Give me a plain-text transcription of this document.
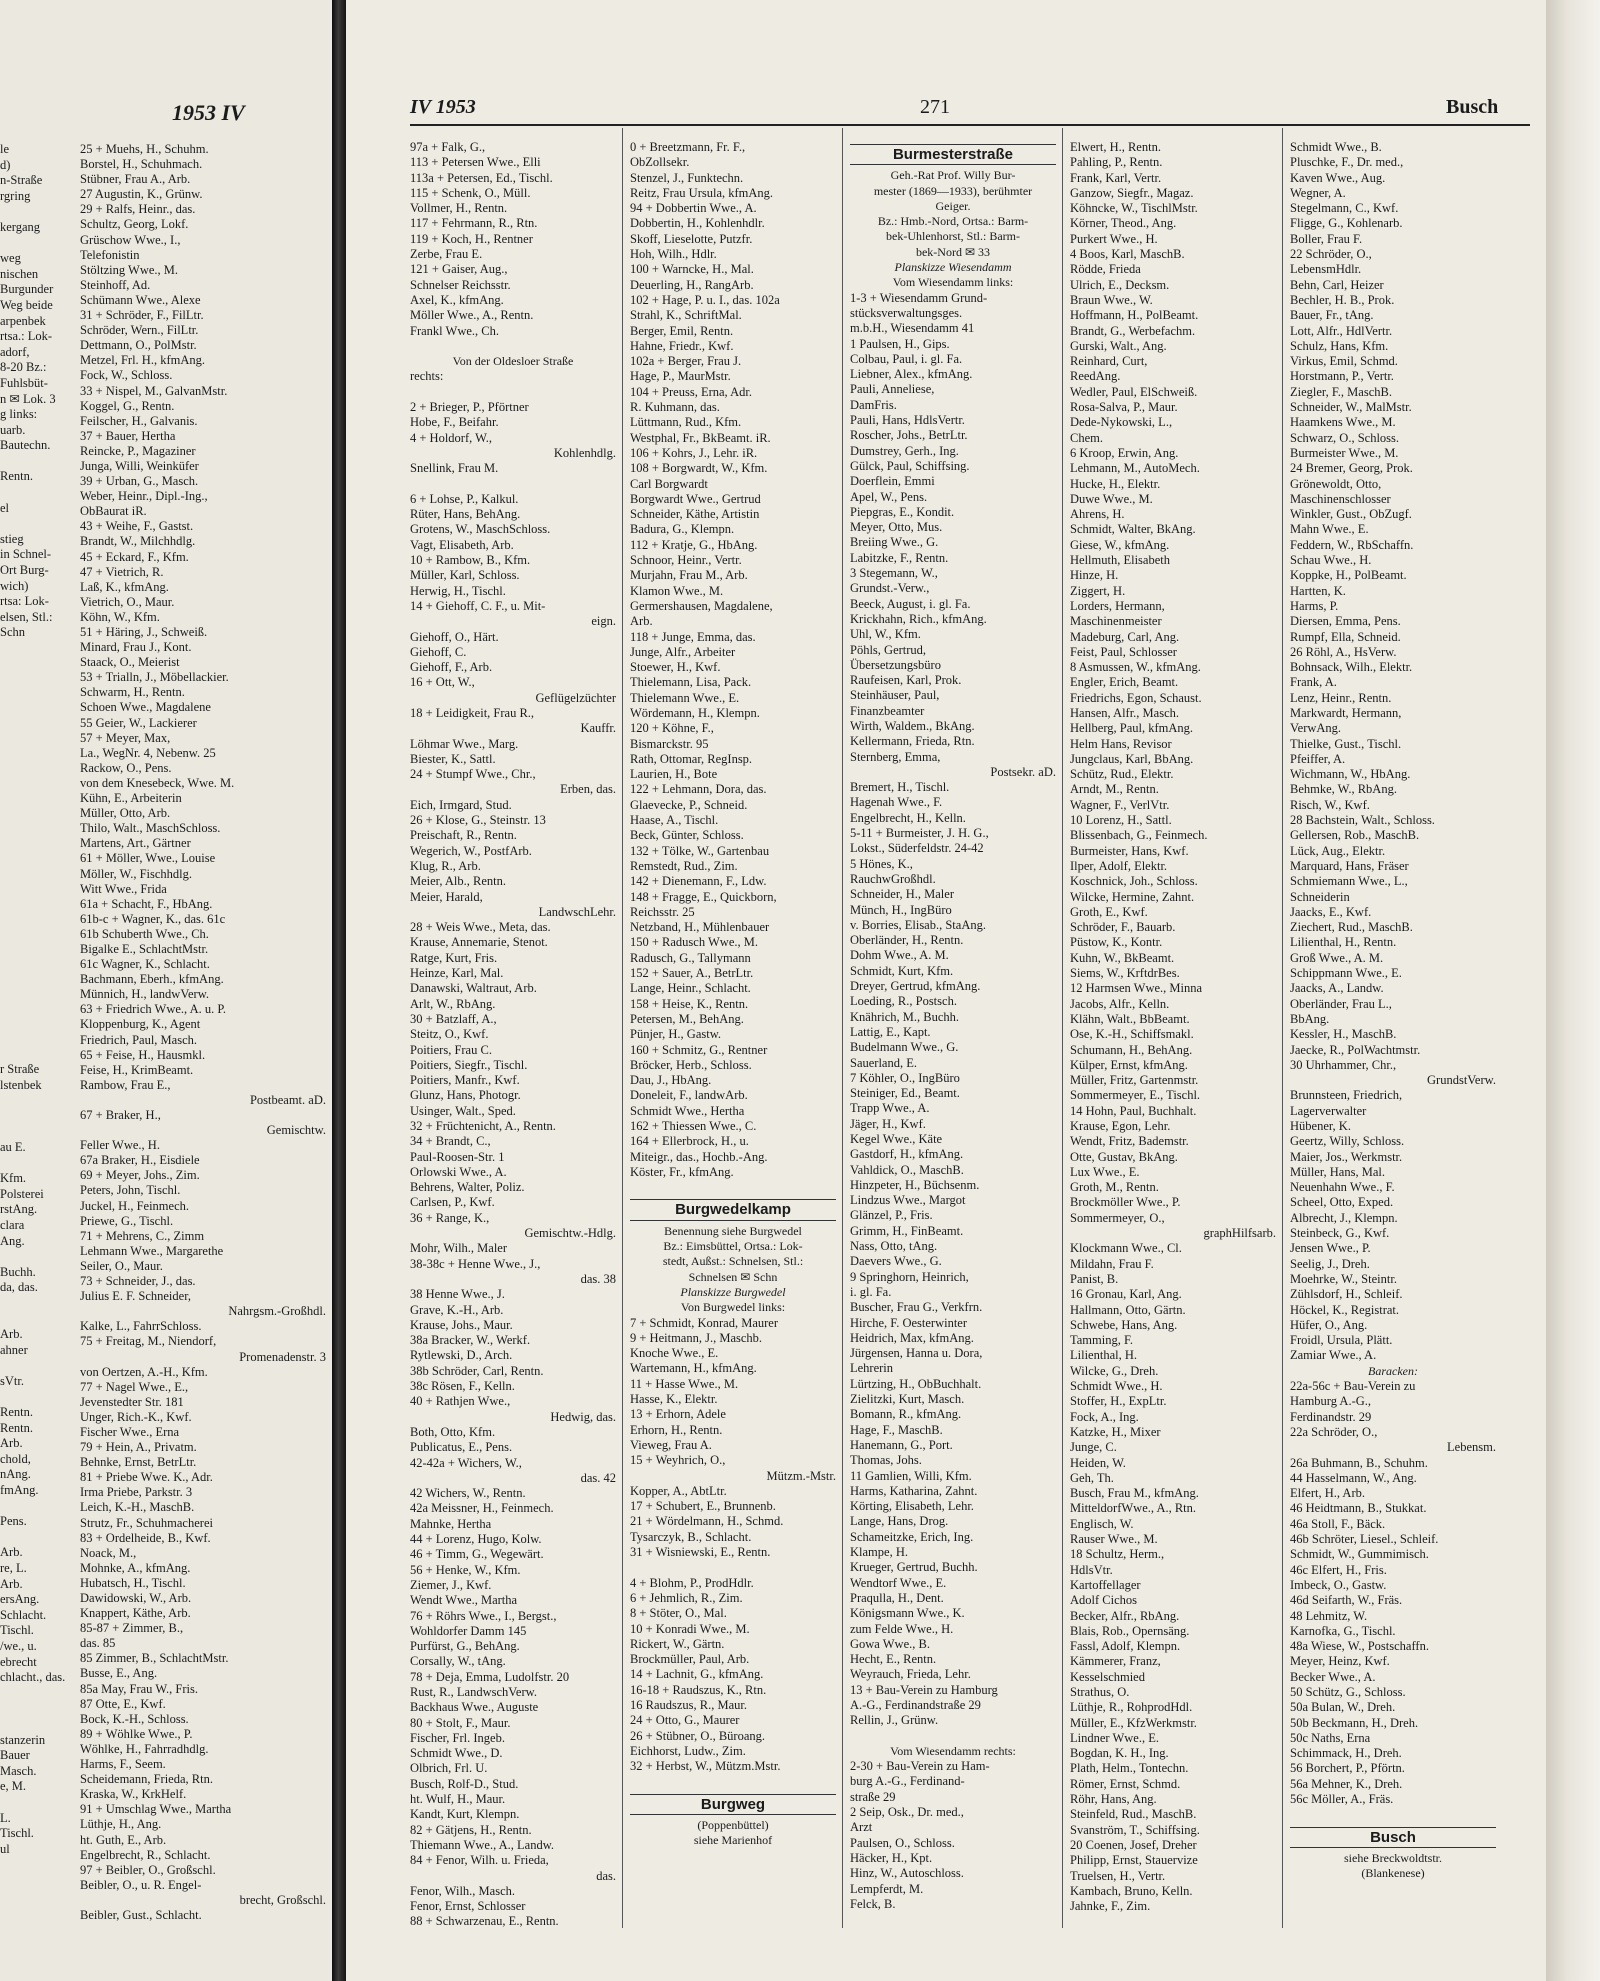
1953 IV
le
d)
n-Straße
rgring

kergang

weg
nischen
Burgunder
Weg beide
arpenbek
rtsa.: Lok-
adorf,
8-20 Bz.:
Fuhlsbüt-
n ✉ Lok. 3
g links:
uarb.
Bautechn.

Rentn.

el

stieg
in Schnel-
Ort Burg-
wich)
rtsa: Lok-
elsen, Stl.:
Schn

r Straße
lstenbek

au E.

Kfm.
Polsterei
rstAng.
clara
Ang.

Buchh.
da, das.

Arb.
ahner

sVtr.

Rentn.
Rentn.
Arb.
chold,
nAng.
fmAng.

Pens.

Arb.
re, L.
Arb.
ersAng.
Schlacht.
Tischl.
/we., u.
ebrecht
chlacht., das.

stanzerin
Bauer
Masch.
e, M.

L.
Tischl.
ul
25 + Muehs, H., Schuhm.
Borstel, H., Schuhmach.
Stübner, Frau A., Arb.
27 Augustin, K., Grünw.
29 + Ralfs, Heinr., das.
Schultz, Georg, Lokf.
Grüschow Wwe., I.,
Telefonistin
Stöltzing Wwe., M.
Steinhoff, Ad.
Schümann Wwe., Alexe
31 + Schröder, F., FilLtr.
Schröder, Wern., FilLtr.
Dettmann, O., PolMstr.
Metzel, Frl. H., kfmAng.
Fock, W., Schloss.
33 + Nispel, M., GalvanMstr.
Koggel, G., Rentn.
Feilscher, H., Galvanis.
37 + Bauer, Hertha
Reincke, P., Magaziner
Junga, Willi, Weinküfer
39 + Urban, G., Masch.
Weber, Heinr., Dipl.-Ing.,
ObBaurat iR.
43 + Weihe, F., Gastst.
Brandt, W., Milchhdlg.
45 + Eckard, F., Kfm.
47 + Vietrich, R.
Laß, K., kfmAng.
Vietrich, O., Maur.
Köhn, W., Kfm.
51 + Häring, J., Schweiß.
Minard, Frau J., Kont.
Staack, O., Meierist
53 + Trialln, J., Möbellackier.
Schwarm, H., Rentn.
Schoen Wwe., Magdalene
55 Geier, W., Lackierer
57 + Meyer, Max,
La., WegNr. 4, Nebenw. 25
Rackow, O., Pens.
von dem Knesebeck, Wwe. M.
Kühn, E., Arbeiterin
Müller, Otto, Arb.
Thilo, Walt., MaschSchloss.
Martens, Art., Gärtner
61 + Möller, Wwe., Louise
Möller, W., Fischhdlg.
Witt Wwe., Frida
61a + Schacht, F., HbAng.
61b-c + Wagner, K., das. 61c
61b Schuberth Wwe., Ch.
Bigalke E., SchlachtMstr.
61c Wagner, K., Schlacht.
Bachmann, Eberh., kfmAng.
Münnich, H., landwVerw.
63 + Friedrich Wwe., A. u. P.
Kloppenburg, K., Agent
Friedrich, Paul, Masch.
65 + Feise, H., Hausmkl.
Feise, H., KrimBeamt.
Rambow, Frau E.,
Postbeamt. aD.
67 + Braker, H.,
Gemischtw.
Feller Wwe., H.
67a Braker, H., Eisdiele
69 + Meyer, Johs., Zim.
Peters, John, Tischl.
Juckel, H., Feinmech.
Priewe, G., Tischl.
71 + Mehrens, C., Zimm
Lehmann Wwe., Margarethe
Seiler, O., Maur.
73 + Schneider, J., das.
Julius E. F. Schneider,
Nahrgsm.-Großhdl.
Kalke, L., FahrrSchloss.
75 + Freitag, M., Niendorf,
Promenadenstr. 3
von Oertzen, A.-H., Kfm.
77 + Nagel Wwe., E.,
Jevenstedter Str. 181
Unger, Rich.-K., Kwf.
Fischer Wwe., Erna
79 + Hein, A., Privatm.
Behnke, Ernst, BetrLtr.
81 + Priebe Wwe. K., Adr.
Irma Priebe, Parkstr. 3
Leich, K.-H., MaschB.
Strutz, Fr., Schuhmacherei
83 + Ordelheide, B., Kwf.
Noack, M.,
Mohnke, A., kfmAng.
Hubatsch, H., Tischl.
Dawidowski, W., Arb.
Knappert, Käthe, Arb.
85-87 + Zimmer, B.,
das. 85
85 Zimmer, B., SchlachtMstr.
Busse, E., Ang.
85a May, Frau W., Fris.
87 Otte, E., Kwf.
Bock, K.-H., Schloss.
89 + Wöhlke Wwe., P.
Wöhlke, H., Fahrradhdlg.
Harms, F., Seem.
Scheidemann, Frieda, Rtn.
Kraska, W., KrkHelf.
91 + Umschlag Wwe., Martha
Lüthje, H., Ang.
ht. Guth, E., Arb.
Engelbrecht, R., Schlacht.
97 + Beibler, O., Großschl.
Beibler, O., u. R. Engel-
brecht, Großschl.
Beibler, Gust., Schlacht.
IV 1953	271	Busch
97a + Falk, G.,
113 + Petersen Wwe., Elli
113a + Petersen, Ed., Tischl.
115 + Schenk, O., Müll.
Vollmer, H., Rentn.
117 + Fehrmann, R., Rtn.
119 + Koch, H., Rentner
Zerbe, Frau E.
121 + Gaiser, Aug.,
Schnelser Reichsstr.
Axel, K., kfmAng.
Möller Wwe., A., Rentn.
Frankl Wwe., Ch.

Von der Oldesloer Straße
rechts:

2 + Brieger, P., Pförtner
Hobe, F., Beifahr.
4 + Holdorf, W.,
Kohlenhdlg.
Snellink, Frau M.

6 + Lohse, P., Kalkul.
Rüter, Hans, BehAng.
Grotens, W., MaschSchloss.
Vagt, Elisabeth, Arb.
10 + Rambow, B., Kfm.
Müller, Karl, Schloss.
Herwig, H., Tischl.
14 + Giehoff, C. F., u. Mit-
eign.
Giehoff, O., Härt.
Giehoff, C.
Giehoff, F., Arb.
16 + Ott, W.,
Geflügelzüchter
18 + Leidigkeit, Frau R.,
Kauffr.
Löhmar Wwe., Marg.
Biester, K., Sattl.
24 + Stumpf Wwe., Chr.,
Erben, das.
Eich, Irmgard, Stud.
26 + Klose, G., Steinstr. 13
Preischaft, R., Rentn.
Wegerich, W., PostfArb.
Klug, R., Arb.
Meier, Alb., Rentn.
Meier, Harald,
LandwschLehr.
28 + Weis Wwe., Meta, das.
Krause, Annemarie, Stenot.
Ratge, Kurt, Fris.
Heinze, Karl, Mal.
Danawski, Waltraut, Arb.
Arlt, W., RbAng.
30 + Batzlaff, A.,
Steitz, O., Kwf.
Poitiers, Frau C.
Poitiers, Siegfr., Tischl.
Poitiers, Manfr., Kwf.
Glunz, Hans, Photogr.
Usinger, Walt., Sped.
32 + Früchtenicht, A., Rentn.
34 + Brandt, C.,
Paul-Roosen-Str. 1
Orlowski Wwe., A.
Behrens, Walter, Poliz.
Carlsen, P., Kwf.
36 + Range, K.,
Gemischtw.-Hdlg.
Mohr, Wilh., Maler
38-38c + Henne Wwe., J.,
das. 38
38 Henne Wwe., J.
Grave, K.-H., Arb.
Krause, Johs., Maur.
38a Bracker, W., Werkf.
Rytlewski, D., Arch.
38b Schröder, Carl, Rentn.
38c Rösen, F., Kelln.
40 + Rathjen Wwe.,
Hedwig, das.
Both, Otto, Kfm.
Publicatus, E., Pens.
42-42a + Wichers, W.,
das. 42
42 Wichers, W., Rentn.
42a Meissner, H., Feinmech.
Mahnke, Hertha
44 + Lorenz, Hugo, Kolw.
46 + Timm, G., Wegewärt.
56 + Henke, W., Kfm.
Ziemer, J., Kwf.
Wendt Wwe., Martha
76 + Röhrs Wwe., I., Bergst.,
Wohldorfer Damm 145
Purfürst, G., BehAng.
Corsally, W., tAng.
78 + Deja, Emma, Ludolfstr. 20
Rust, R., LandwschVerw.
Backhaus Wwe., Auguste
80 + Stolt, F., Maur.
Fischer, Frl. Ingeb.
Schmidt Wwe., D.
Olbrich, Frl. U.
Busch, Rolf-D., Stud.
ht. Wulf, H., Maur.
Kandt, Kurt, Klempn.
82 + Gätjens, H., Rentn.
Thiemann Wwe., A., Landw.
84 + Fenor, Wilh. u. Frieda,
das.
Fenor, Wilh., Masch.
Fenor, Ernst, Schlosser
88 + Schwarzenau, E., Rentn.
0 + Breetzmann, Fr. F.,
ObZollsekr.
Stenzel, J., Funktechn.
Reitz, Frau Ursula, kfmAng.
94 + Dobbertin Wwe., A.
Dobbertin, H., Kohlenhdlr.
Skoff, Lieselotte, Putzfr.
Hoh, Wilh., Hdlr.
100 + Warncke, H., Mal.
Deuerling, H., RangArb.
102 + Hage, P. u. I., das. 102a
Strahl, K., SchriftMal.
Berger, Emil, Rentn.
Hahne, Friedr., Kwf.
102a + Berger, Frau J.
Hage, P., MaurMstr.
104 + Preuss, Erna, Adr.
R. Kuhmann, das.
Lüttmann, Rud., Kfm.
Westphal, Fr., BkBeamt. iR.
106 + Kohrs, J., Lehr. iR.
108 + Borgwardt, W., Kfm.
Carl Borgwardt
Borgwardt Wwe., Gertrud
Schneider, Käthe, Artistin
Badura, G., Klempn.
112 + Kratje, G., HbAng.
Schnoor, Heinr., Vertr.
Murjahn, Frau M., Arb.
Klamon Wwe., M.
Germershausen, Magdalene,
Arb.
118 + Junge, Emma, das.
Junge, Alfr., Arbeiter
Stoewer, H., Kwf.
Thielemann, Lisa, Pack.
Thielemann Wwe., E.
Wördemann, H., Klempn.
120 + Köhne, F.,
Bismarckstr. 95
Rath, Ottomar, RegInsp.
Laurien, H., Bote
122 + Lehmann, Dora, das.
Glaevecke, P., Schneid.
Haase, A., Tischl.
Beck, Günter, Schloss.
132 + Tölke, W., Gartenbau
Remstedt, Rud., Zim.
142 + Dienemann, F., Ldw.
148 + Fragge, E., Quickborn,
Reichsstr. 25
Netzband, H., Mühlenbauer
150 + Radusch Wwe., M.
Radusch, G., Tallymann
152 + Sauer, A., BetrLtr.
Lange, Heinr., Schlacht.
158 + Heise, K., Rentn.
Petersen, M., BehAng.
Pünjer, H., Gastw.
160 + Schmitz, G., Rentner
Bröcker, Herb., Schloss.
Dau, J., HbAng.
Doneleit, F., landwArb.
Schmidt Wwe., Hertha
162 + Thiessen Wwe., C.
164 + Ellerbrock, H., u.
Miteigr., das., Hochb.-Ang.
Köster, Fr., kfmAng.

Burgwedelkamp
Benennung siehe Burgwedel
Bz.: Eimsbüttel, Ortsa.: Lok-
stedt, Außst.: Schnelsen, Stl.:
Schnelsen ✉ Schn
Planskizze Burgwedel
Von Burgwedel links:
7 + Schmidt, Konrad, Maurer
9 + Heitmann, J., Maschb.
Knoche Wwe., E.
Wartemann, H., kfmAng.
11 + Hasse Wwe., M.
Hasse, K., Elektr.
13 + Erhorn, Adele
Erhorn, H., Rentn.
Vieweg, Frau A.
15 + Weyhrich, O.,
Mützm.-Mstr.
Kopper, A., AbtLtr.
17 + Schubert, E., Brunnenb.
21 + Wördelmann, H., Schmd.
Tysarczyk, B., Schlacht.
31 + Wisniewski, E., Rentn.

4 + Blohm, P., ProdHdlr.
6 + Jehmlich, R., Zim.
8 + Stöter, O., Mal.
10 + Konradi Wwe., M.
Rickert, W., Gärtn.
Brockmüller, Paul, Arb.
14 + Lachnit, G., kfmAng.
16-18 + Raudszus, K., Rtn.
16 Raudszus, R., Maur.
24 + Otto, G., Maurer
26 + Stübner, O., Büroang.
Eichhorst, Ludw., Zim.
32 + Herbst, W., Mützm.Mstr.

Burgweg
(Poppenbüttel)
siehe Marienhof
Burmesterstraße
Geh.-Rat Prof. Willy Bur-
mester (1869—1933), berühmter
Geiger.
Bz.: Hmb.-Nord, Ortsa.: Barm-
bek-Uhlenhorst, Stl.: Barm-
bek-Nord ✉ 33
Planskizze Wiesendamm
Vom Wiesendamm links:
1-3 + Wiesendamm Grund-
stücksverwaltungsges.
m.b.H., Wiesendamm 41
1 Paulsen, H., Gips.
Colbau, Paul, i. gl. Fa.
Liebner, Alex., kfmAng.
Pauli, Anneliese,
DamFris.
Pauli, Hans, HdlsVertr.
Roscher, Johs., BetrLtr.
Dumstrey, Gerh., Ing.
Gülck, Paul, Schiffsing.
Doerflein, Emmi
Apel, W., Pens.
Piepgras, E., Kondit.
Meyer, Otto, Mus.
Breiing Wwe., G.
Labitzke, F., Rentn.
3 Stegemann, W.,
Grundst.-Verw.,
Beeck, August, i. gl. Fa.
Krickhahn, Rich., kfmAng.
Uhl, W., Kfm.
Pöhls, Gertrud,
Übersetzungsbüro
Raufeisen, Karl, Prok.
Steinhäuser, Paul,
Finanzbeamter
Wirth, Waldem., BkAng.
Kellermann, Frieda, Rtn.
Sternberg, Emma,
Postsekr. aD.
Bremert, H., Tischl.
Hagenah Wwe., F.
Engelbrecht, H., Kelln.
5-11 + Burmeister, J. H. G.,
Lokst., Süderfeldstr. 24-42
5 Hönes, K.,
RauchwGroßhdl.
Schneider, H., Maler
Münch, H., IngBüro
v. Borries, Elisab., StaAng.
Oberländer, H., Rentn.
Dohm Wwe., A. M.
Schmidt, Kurt, Kfm.
Dreyer, Gertrud, kfmAng.
Loeding, R., Postsch.
Knährich, M., Buchh.
Lattig, E., Kapt.
Budelmann Wwe., G.
Sauerland, E.
7 Köhler, O., IngBüro
Steiniger, Ed., Beamt.
Trapp Wwe., A.
Jäger, H., Kwf.
Kegel Wwe., Käte
Gastdorf, H., kfmAng.
Vahldick, O., MaschB.
Hinzpeter, H., Büchsenm.
Lindzus Wwe., Margot
Glänzel, P., Fris.
Grimm, H., FinBeamt.
Nass, Otto, tAng.
Daevers Wwe., G.
9 Springhorn, Heinrich,
i. gl. Fa.
Buscher, Frau G., Verkfrn.
Hirche, F. Oesterwinter
Heidrich, Max, kfmAng.
Jürgensen, Hanna u. Dora,
Lehrerin
Lürtzing, H., ObBuchhalt.
Zielitzki, Kurt, Masch.
Bomann, R., kfmAng.
Hage, F., MaschB.
Hanemann, G., Port.
Thomas, Johs.
11 Gamlien, Willi, Kfm.
Harms, Katharina, Zahnt.
Körting, Elisabeth, Lehr.
Lange, Hans, Drog.
Schameitzke, Erich, Ing.
Klampe, H.
Krueger, Gertrud, Buchh.
Wendtorf Wwe., E.
Praqulla, H., Dent.
Königsmann Wwe., K.
zum Felde Wwe., H.
Gowa Wwe., B.
Hecht, E., Rentn.
Weyrauch, Frieda, Lehr.
13 + Bau-Verein zu Hamburg
A.-G., Ferdinandstraße 29
Rellin, J., Grünw.

Vom Wiesendamm rechts:
2-30 + Bau-Verein zu Ham-
burg A.-G., Ferdinand-
straße 29
2 Seip, Osk., Dr. med.,
Arzt
Paulsen, O., Schloss.
Häcker, H., Kpt.
Hinz, W., Autoschloss.
Lempferdt, M.
Felck, B.
Elwert, H., Rentn.
Pahling, P., Rentn.
Frank, Karl, Vertr.
Ganzow, Siegfr., Magaz.
Köhncke, W., TischlMstr.
Körner, Theod., Ang.
Purkert Wwe., H.
4 Boos, Karl, MaschB.
Rödde, Frieda
Ulrich, E., Decksm.
Braun Wwe., W.
Hoffmann, H., PolBeamt.
Brandt, G., Werbefachm.
Gurski, Walt., Ang.
Reinhard, Curt,
ReedAng.
Wedler, Paul, ElSchweiß.
Rosa-Salva, P., Maur.
Dede-Nykowski, L.,
Chem.
6 Kroop, Erwin, Ang.
Lehmann, M., AutoMech.
Hucke, H., Elektr.
Duwe Wwe., M.
Ahrens, H.
Schmidt, Walter, BkAng.
Giese, W., kfmAng.
Hellmuth, Elisabeth
Hinze, H.
Ziggert, H.
Lorders, Hermann,
Maschinenmeister
Madeburg, Carl, Ang.
Feist, Paul, Schlosser
8 Asmussen, W., kfmAng.
Engler, Erich, Beamt.
Friedrichs, Egon, Schaust.
Hansen, Alfr., Masch.
Hellberg, Paul, kfmAng.
Helm Hans, Revisor
Jungclaus, Karl, BbAng.
Schütz, Rud., Elektr.
Arndt, M., Rentn.
Wagner, F., VerlVtr.
10 Lorenz, H., Sattl.
Blissenbach, G., Feinmech.
Burmeister, Hans, Kwf.
Ilper, Adolf, Elektr.
Koschnick, Joh., Schloss.
Wilcke, Hermine, Zahnt.
Groth, E., Kwf.
Schröder, F., Bauarb.
Püstow, K., Kontr.
Kuhn, W., BkBeamt.
Siems, W., KrftdrBes.
12 Harmsen Wwe., Minna
Jacobs, Alfr., Kelln.
Klähn, Walt., BbBeamt.
Ose, K.-H., Schiffsmakl.
Schumann, H., BehAng.
Külper, Ernst, kfmAng.
Müller, Fritz, Gartenmstr.
Sommermeyer, E., Tischl.
14 Hohn, Paul, Buchhalt.
Krause, Egon, Lehr.
Wendt, Fritz, Bademstr.
Otte, Gustav, BkAng.
Lux Wwe., E.
Groth, M., Rentn.
Brockmöller Wwe., P.
Sommermeyer, O.,
graphHilfsarb.
Klockmann Wwe., Cl.
Mildahn, Frau F.
Panist, B.
16 Gronau, Karl, Ang.
Hallmann, Otto, Gärtn.
Schwebe, Hans, Ang.
Tamming, F.
Lilienthal, H.
Wilcke, G., Dreh.
Schmidt Wwe., H.
Stoffer, H., ExpLtr.
Fock, A., Ing.
Katzke, H., Mixer
Junge, C.
Heiden, W.
Geh, Th.
Busch, Frau M., kfmAng.
MitteldorfWwe., A., Rtn.
Englisch, W.
Rauser Wwe., M.
18 Schultz, Herm.,
HdlsVtr.
Kartoffellager
Adolf Cichos
Becker, Alfr., RbAng.
Blais, Rob., Opernsäng.
Fassl, Adolf, Klempn.
Kämmerer, Franz,
Kesselschmied
Strathus, O.
Lüthje, R., RohprodHdl.
Müller, E., KfzWerkmstr.
Lindner Wwe., E.
Bogdan, K. H., Ing.
Plath, Helm., Tontechn.
Römer, Ernst, Schmd.
Röhr, Hans, Ang.
Steinfeld, Rud., MaschB.
Svanström, T., Schiffsing.
20 Coenen, Josef, Dreher
Philipp, Ernst, Stauervize
Truelsen, H., Vertr.
Kambach, Bruno, Kelln.
Jahnke, F., Zim.
Schmidt Wwe., B.
Pluschke, F., Dr. med.,
Kaven Wwe., Aug.
Wegner, A.
Stegelmann, C., Kwf.
Fligge, G., Kohlenarb.
Boller, Frau F.
22 Schröder, O.,
LebensmHdlr.
Behn, Carl, Heizer
Bechler, H. B., Prok.
Bauer, Fr., tAng.
Lott, Alfr., HdlVertr.
Schulz, Hans, Kfm.
Virkus, Emil, Schmd.
Horstmann, P., Vertr.
Ziegler, F., MaschB.
Schneider, W., MalMstr.
Haamkens Wwe., M.
Schwarz, O., Schloss.
Burmeister Wwe., M.
24 Bremer, Georg, Prok.
Grönewoldt, Otto,
Maschinenschlosser
Winkler, Gust., ObZugf.
Mahn Wwe., E.
Feddern, W., RbSchaffn.
Schau Wwe., H.
Koppke, H., PolBeamt.
Hartten, K.
Harms, P.
Diersen, Emma, Pens.
Rumpf, Ella, Schneid.
26 Röhl, A., HsVerw.
Bohnsack, Wilh., Elektr.
Frank, A.
Lenz, Heinr., Rentn.
Markwardt, Hermann,
VerwAng.
Thielke, Gust., Tischl.
Pfeiffer, A.
Wichmann, W., HbAng.
Behmke, W., RbAng.
Risch, W., Kwf.
28 Bachstein, Walt., Schloss.
Gellersen, Rob., MaschB.
Lück, Aug., Elektr.
Marquard, Hans, Fräser
Schmiemann Wwe., L.,
Schneiderin
Jaacks, E., Kwf.
Ziechert, Rud., MaschB.
Lilienthal, H., Rentn.
Groß Wwe., A. M.
Schippmann Wwe., E.
Jaacks, A., Landw.
Oberländer, Frau L.,
BbAng.
Kessler, H., MaschB.
Jaecke, R., PolWachtmstr.
30 Uhrhammer, Chr.,
GrundstVerw.
Brunnsteen, Friedrich,
Lagerverwalter
Hübener, K.
Geertz, Willy, Schloss.
Maier, Jos., Werkmstr.
Müller, Hans, Mal.
Neuenhahn Wwe., F.
Scheel, Otto, Exped.
Albrecht, J., Klempn.
Steinbeck, G., Kwf.
Jensen Wwe., P.
Seelig, J., Dreh.
Moehrke, W., Steintr.
Zühlsdorf, H., Schleif.
Höckel, K., Registrat.
Hüfer, O., Ang.
Froidl, Ursula, Plätt.
Zamiar Wwe., A.
Baracken:
22a-56c + Bau-Verein zu
Hamburg A.-G.,
Ferdinandstr. 29
22a Schröder, O.,
Lebensm.
26a Buhmann, B., Schuhm.
44 Hasselmann, W., Ang.
Elfert, H., Arb.
46 Heidtmann, B., Stukkat.
46a Stoll, F., Bäck.
46b Schröter, Liesel., Schleif.
Schmidt, W., Gummimisch.
46c Elfert, H., Fris.
Imbeck, O., Gastw.
46d Seifarth, W., Fräs.
48 Lehmitz, W.
Karnofka, G., Tischl.
48a Wiese, W., Postschaffn.
Meyer, Heinz, Kwf.
Becker Wwe., A.
50 Schütz, G., Schloss.
50a Bulan, W., Dreh.
50b Beckmann, H., Dreh.
50c Naths, Erna
Schimmack, H., Dreh.
56 Borchert, P., Pförtn.
56a Mehner, K., Dreh.
56c Möller, A., Fräs.

Busch
siehe Breckwoldtstr.
(Blankenese)
